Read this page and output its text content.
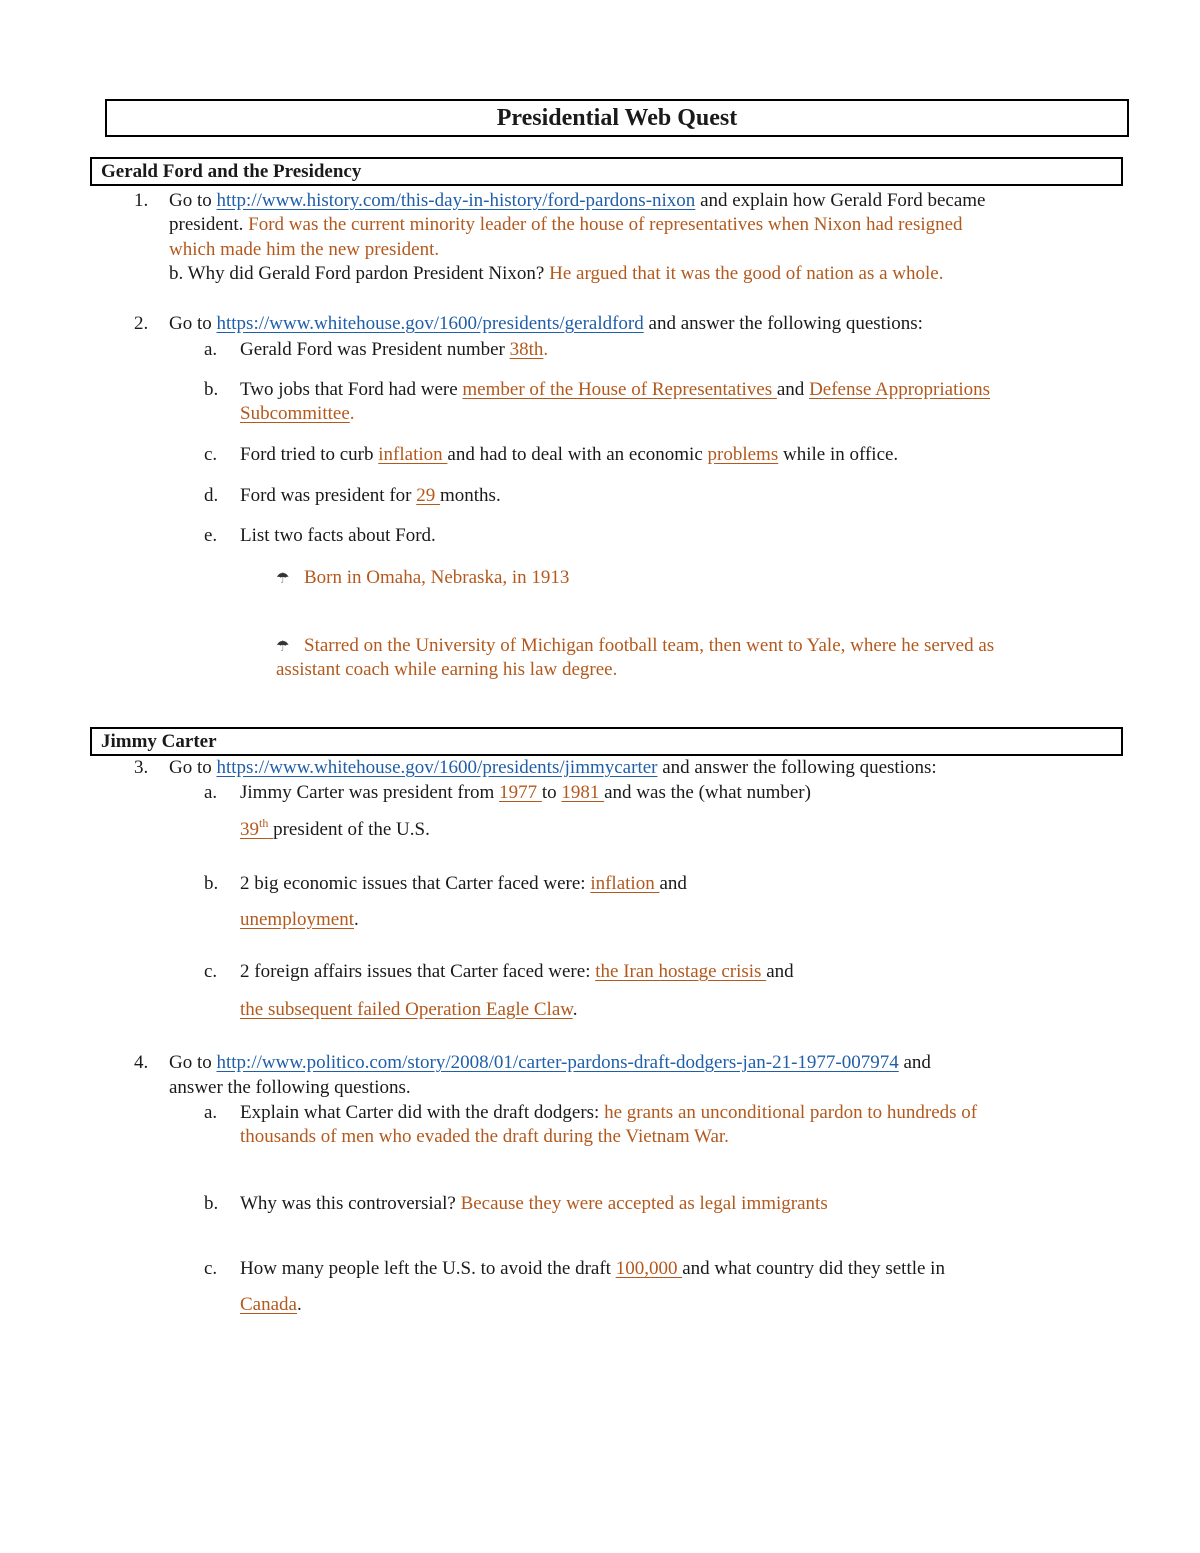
Presidential Web Quest
Gerald Ford and the Presidency
1. Go to http://www.history.com/this-day-in-history/ford-pardons-nixon and explain how Gerald Ford became
president. Ford was the current minority leader of the house of representatives when Nixon had resigned
which made him the new president.
b. Why did Gerald Ford pardon President Nixon? He argued that it was the good of nation as a whole.
2. Go to https://www.whitehouse.gov/1600/presidents/geraldford and answer the following questions:
a. Gerald Ford was President number 38th.
b. Two jobs that Ford had were member of the House of Representatives and Defense Appropriations
Subcommittee.
c. Ford tried to curb inflation and had to deal with an economic problems while in office.
d. Ford was president for 29 months.
e. List two facts about Ford.
☂ Born in Omaha, Nebraska, in 1913
☂ Starred on the University of Michigan football team, then went to Yale, where he served as
assistant coach while earning his law degree.
Jimmy Carter
3. Go to https://www.whitehouse.gov/1600/presidents/jimmycarter and answer the following questions:
a. Jimmy Carter was president from 1977 to 1981 and was the (what number)
39th president of the U.S.
b. 2 big economic issues that Carter faced were: inflation and
unemployment.
c. 2 foreign affairs issues that Carter faced were: the Iran hostage crisis and
the subsequent failed Operation Eagle Claw.
4. Go to http://www.politico.com/story/2008/01/carter-pardons-draft-dodgers-jan-21-1977-007974 and
answer the following questions.
a. Explain what Carter did with the draft dodgers: he grants an unconditional pardon to hundreds of
thousands of men who evaded the draft during the Vietnam War.
b. Why was this controversial? Because they were accepted as legal immigrants
c. How many people left the U.S. to avoid the draft 100,000 and what country did they settle in
Canada.
